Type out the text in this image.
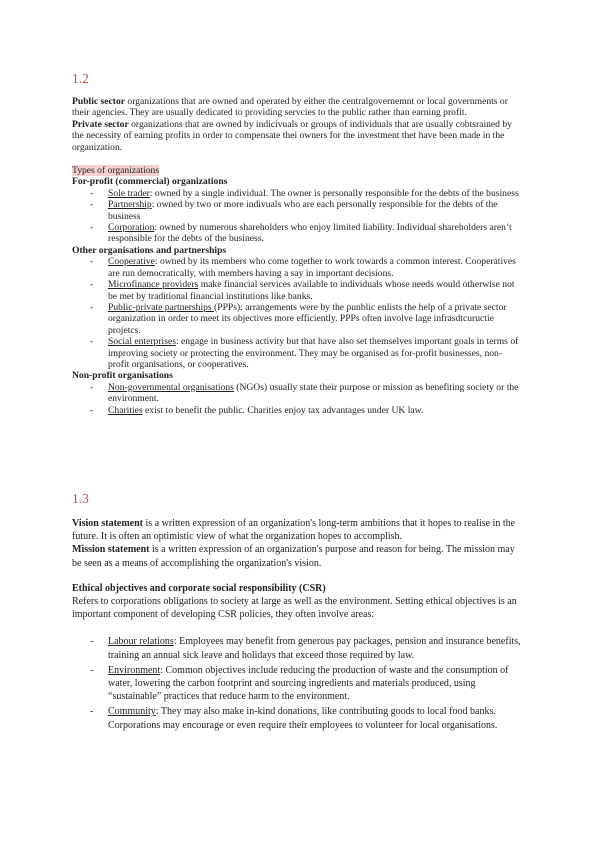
1.2

Public sector organizations that are owned and operated by either the centralgovernemnt or local governments or their agencies. They are usually dedicated to providing servcies to the public rather than earning profit.

Private sector organizations that are owned by indicivuals or groups of individuals that are usually cobtsrained by the necessity of earning profits in order to compensate thei owners for the investment thet have been made in the organization.

Types of organizations

For-profit (commercial) organizations

- Sole trader: owned by a single individual. The owner is personally responsible for the debts of the business
- Partnership: owned by two or more indivuals who are each personally responsible for the debts of the business
- Corporation: owned by numerous shareholders who enjoy limited liability. Individual shareholders aren’t responsible for the debts of the business.

Other organisations and partnerships

- Cooperative: owned by its members who come together to work towards a common interest. Cooperatives are run democratically, with members having a say in important decisions.
- Microfinance providers make financial services available to individuals whose needs would otherwise not be met by traditional financial institutions like banks.
- Public-private partnerships (PPPs): arrangements were by the punblic enlists the help of a private sector organization in order to meet its objectives more efficiently. PPPs often involve lage infrasdtcuructie projetcs.
- Social enterprises: engage in business activity but that have also set themselves important goals in terms of improving society or protecting the environment. They may be organised as for-profit businesses, non-profit organisations, or cooperatives.

Non-profit organisations

- Non-governmental organisations (NGOs) usually state their purpose or mission as benefiting society or the environment.
- Charities exist to benefit the public. Charities enjoy tax advantages under UK law.
1.3

Vision statement is a written expression of an organization's long-term ambitions that it hopes to realise in the future. It is often an optimistic view of what the organization hopes to accomplish.

Mission statement is a written expression of an organization's purpose and reason for being. The mission may be seen as a means of accomplishing the organization's vision.

Ethical objectives and corporate social responsibility (CSR)

Refers to corporations obligations to society at large as well as the environment. Setting ethical objectives is an important component of developing CSR policies, they often involve areas:

- Labour relations: Employees may benefit from generous pay packages, pension and insurance benefits, training an annual sick leave and holidays that exceed those required by law.
- Environment: Common objectives include reducing the production of waste and the consumption of water, lowering the carbon footprint and sourcing ingredients and materials produced, using “sustainable” practices that reduce harm to the environment.
- Community: They may also make in-kind donations, like contributing goods to local food banks. Corporations may encourage or even require their employees to volunteer for local organisations.
